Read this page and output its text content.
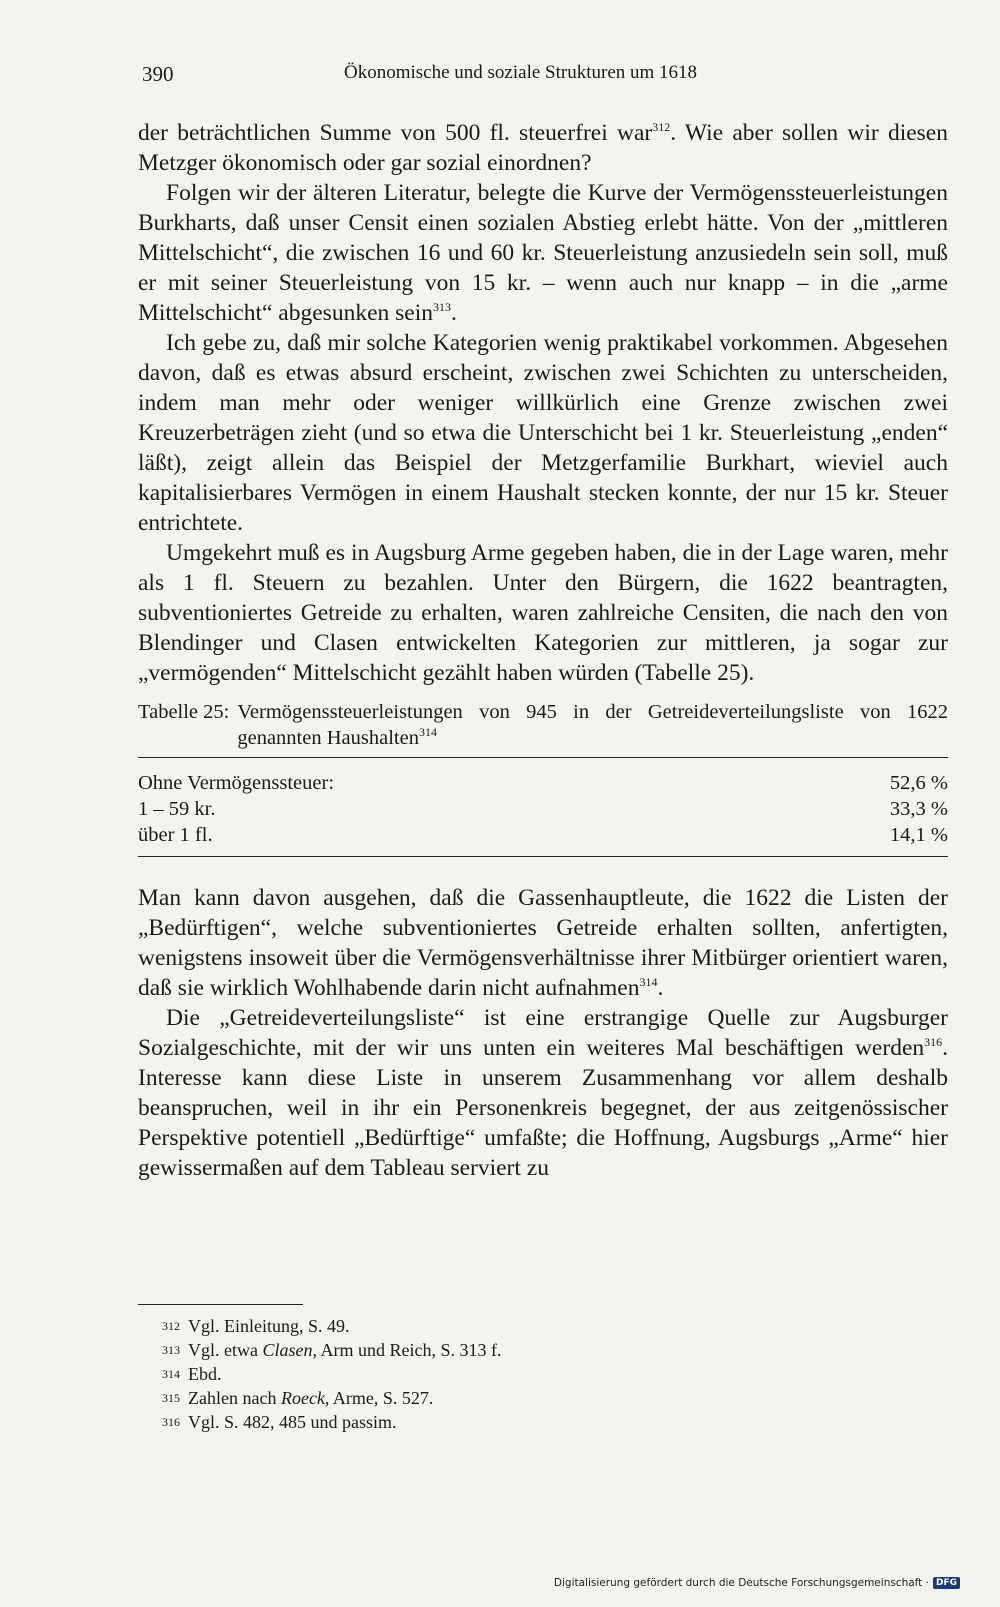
390	Ökonomische und soziale Strukturen um 1618

der beträchtlichen Summe von 500 fl. steuerfrei war$^{312}$. Wie aber sollen wir diesen Metzger ökonomisch oder gar sozial einordnen?

Folgen wir der älteren Literatur, belegte die Kurve der Vermögenssteuerleistungen Burkharts, daß unser Censit einen sozialen Abstieg erlebt hätte. Von der „mittleren Mittelschicht“, die zwischen 16 und 60 kr. Steuerleistung anzusiedeln sein soll, muß er mit seiner Steuerleistung von 15 kr. – wenn auch nur knapp – in die „arme Mittelschicht“ abgesunken sein$^{313}$.

Ich gebe zu, daß mir solche Kategorien wenig praktikabel vorkommen. Abgesehen davon, daß es etwas absurd erscheint, zwischen zwei Schichten zu unterscheiden, indem man mehr oder weniger willkürlich eine Grenze zwischen zwei Kreuzerbeträgen zieht (und so etwa die Unterschicht bei 1 kr. Steuerleistung „enden“ läßt), zeigt allein das Beispiel der Metzgerfamilie Burkhart, wieviel auch kapitalisierbares Vermögen in einem Haushalt stecken konnte, der nur 15 kr. Steuer entrichtete.

Umgekehrt muß es in Augsburg Arme gegeben haben, die in der Lage waren, mehr als 1 fl. Steuern zu bezahlen. Unter den Bürgern, die 1622 beantragten, subventioniertes Getreide zu erhalten, waren zahlreiche Censiten, die nach den von Blendinger und Clasen entwickelten Kategorien zur mittleren, ja sogar zur „vermögenden“ Mittelschicht gezählt haben würden (Tabelle 25).

Tabelle 25: Vermögenssteuerleistungen von 945 in der Getreideverteilungsliste von 1622 genannten Haushalten$^{314}$
Ohne Vermögenssteuer:	52,6 %
1 – 59 kr.	33,3 %
über 1 fl.	14,1 %

Man kann davon ausgehen, daß die Gassenhauptleute, die 1622 die Listen der „Bedürftigen“, welche subventioniertes Getreide erhalten sollten, anfertigten, wenigstens insoweit über die Vermögensverhältnisse ihrer Mitbürger orientiert waren, daß sie wirklich Wohlhabende darin nicht aufnahmen$^{314}$.

Die „Getreideverteilungsliste“ ist eine erstrangige Quelle zur Augsburger Sozialgeschichte, mit der wir uns unten ein weiteres Mal beschäftigen werden$^{316}$. Interesse kann diese Liste in unserem Zusammenhang vor allem deshalb beanspruchen, weil in ihr ein Personenkreis begegnet, der aus zeitgenössischer Perspektive potentiell „Bedürftige“ umfaßte; die Hoffnung, Augsburgs „Arme“ hier gewissermaßen auf dem Tableau serviert zu

312 Vgl. Einleitung, S. 49.
313 Vgl. etwa Clasen, Arm und Reich, S. 313 f.
314 Ebd.
315 Zahlen nach Roeck, Arme, S. 527.
316 Vgl. S. 482, 485 und passim.
Digitalisierung gefördert durch die Deutsche Forschungsgemeinschaft · DFG
